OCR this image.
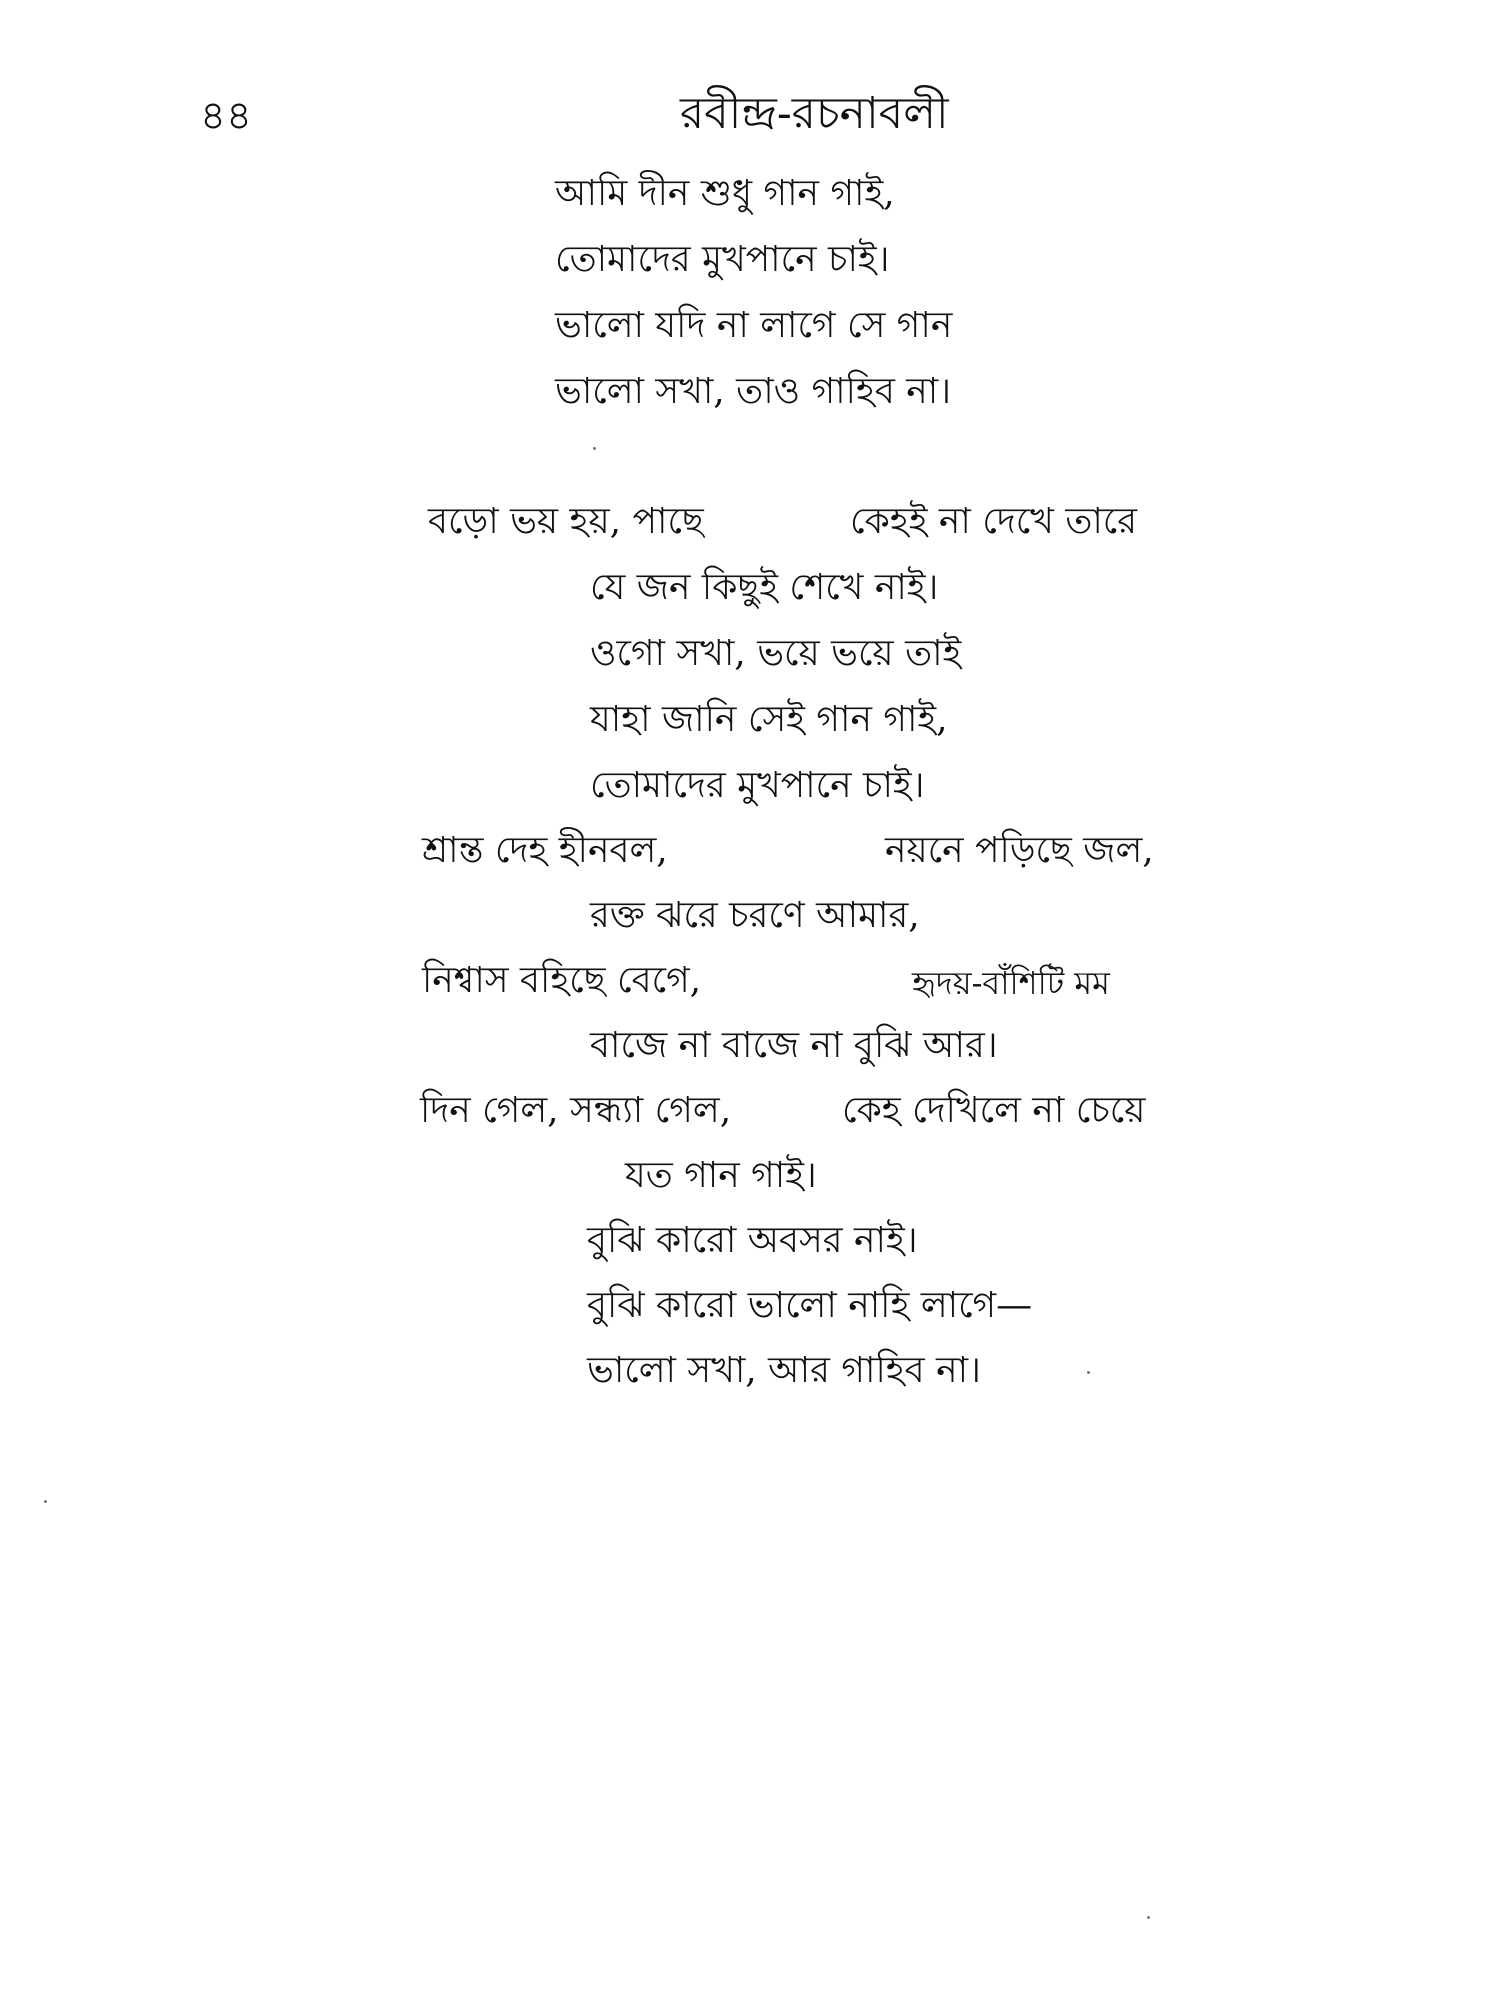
৪৪	রবীন্দ্র-রচনাবলী
আমি দীন শুধু গান গাই,
তোমাদের মুখপানে চাই।
ভালো যদি না লাগে সে গান
ভালো সখা, তাও গাহিব না।
বড়ো ভয় হয়, পাছে	কেহই না দেখে তারে
যে জন কিছুই শেখে নাই।
ওগো সখা, ভয়ে ভয়ে তাই
যাহা জানি সেই গান গাই,
তোমাদের মুখপানে চাই।
শ্রান্ত দেহ হীনবল,	নয়নে পড়িছে জল,
রক্ত ঝরে চরণে আমার,
নিশ্বাস বহিছে বেগে,	হৃদয়-বাঁশিটি মম
বাজে না বাজে না বুঝি আর।
দিন গেল, সন্ধ্যা গেল,	কেহ দেখিলে না চেয়ে
যত গান গাই।
বুঝি কারো অবসর নাই।
বুঝি কারো ভালো নাহি লাগে—
ভালো সখা, আর গাহিব না।
